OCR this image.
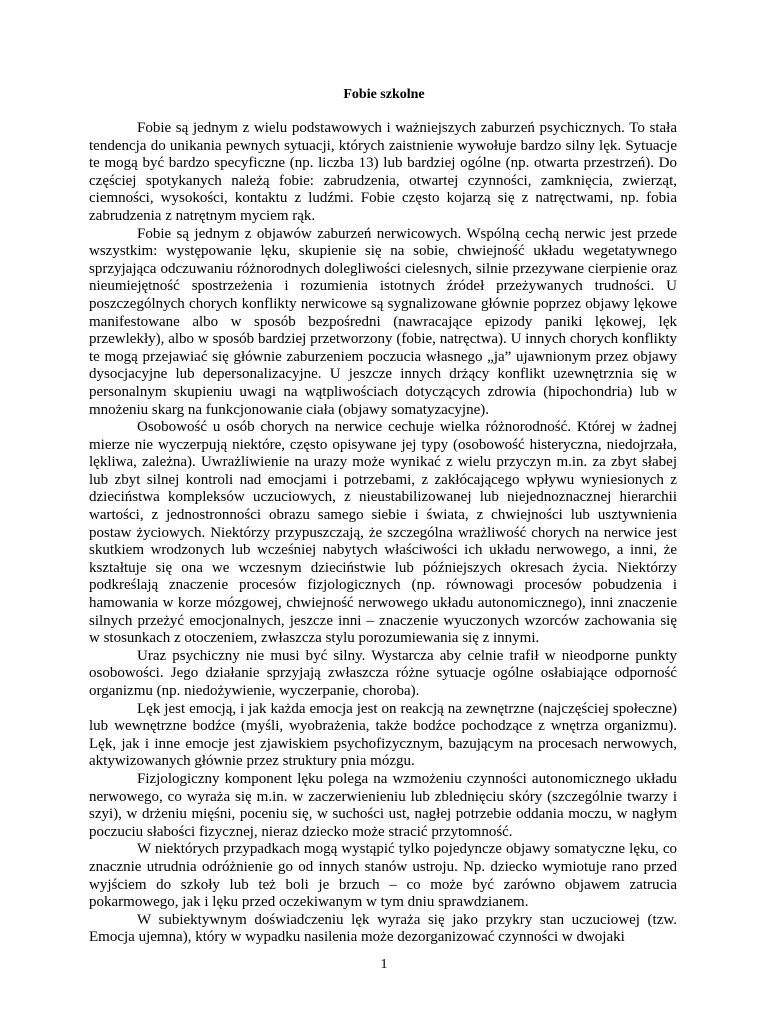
Fobie szkolne

Fobie są jednym z wielu podstawowych i ważniejszych zaburzeń psychicznych. To stała tendencja do unikania pewnych sytuacji, których zaistnienie wywołuje bardzo silny lęk. Sytuacje te mogą być bardzo specyficzne (np. liczba 13) lub bardziej ogólne (np. otwarta przestrzeń). Do częściej spotykanych należą fobie: zabrudzenia, otwartej czynności, zamknięcia, zwierząt, ciemności, wysokości, kontaktu z ludźmi. Fobie często kojarzą się z natręctwami, np. fobia zabrudzenia z natrętnym myciem rąk.

Fobie są jednym z objawów zaburzeń nerwicowych. Wspólną cechą nerwic jest przede wszystkim: występowanie lęku, skupienie się na sobie, chwiejność układu wegetatywnego sprzyjająca odczuwaniu różnorodnych dolegliwości cielesnych, silnie przezywane cierpienie oraz nieumiejętność spostrzeżenia i rozumienia istotnych źródeł przeżywanych trudności. U poszczególnych chorych konflikty nerwicowe są sygnalizowane głównie poprzez objawy lękowe manifestowane albo w sposób bezpośredni (nawracające epizody paniki lękowej, lęk przewlekły), albo w sposób bardziej przetworzony (fobie, natręctwa). U innych chorych konflikty te mogą przejawiać się głównie zaburzeniem poczucia własnego „ja” ujawnionym przez objawy dysocjacyjne lub depersonalizacyjne. U jeszcze innych drżący konflikt uzewnętrznia się w personalnym skupieniu uwagi na wątpliwościach dotyczących zdrowia (hipochondria) lub w mnożeniu skarg na funkcjonowanie ciała (objawy somatyzacyjne).

Osobowość u osób chorych na nerwice cechuje wielka różnorodność. Której w żadnej mierze nie wyczerpują niektóre, często opisywane jej typy (osobowość histeryczna, niedojrzała, lękliwa, zależna). Uwrażliwienie na urazy może wynikać z wielu przyczyn m.in. za zbyt słabej lub zbyt silnej kontroli nad emocjami i potrzebami, z zakłócającego wpływu wyniesionych z dzieciństwa kompleksów uczuciowych, z nieustabilizowanej lub niejednoznacznej hierarchii wartości, z jednostronności obrazu samego siebie i świata, z chwiejności lub usztywnienia postaw życiowych. Niektórzy przypuszczają, że szczególna wrażliwość chorych na nerwice jest skutkiem wrodzonych lub wcześniej nabytych właściwości ich układu nerwowego, a inni, że kształtuje się ona we wczesnym dzieciństwie lub późniejszych okresach życia. Niektórzy podkreślają znaczenie procesów fizjologicznych (np. równowagi procesów pobudzenia i hamowania w korze mózgowej, chwiejność nerwowego układu autonomicznego), inni znaczenie silnych przeżyć emocjonalnych, jeszcze inni – znaczenie wyuczonych wzorców zachowania się w stosunkach z otoczeniem, zwłaszcza stylu porozumiewania się z innymi.

Uraz psychiczny nie musi być silny. Wystarcza aby celnie trafił w nieodporne punkty osobowości. Jego działanie sprzyjają zwłaszcza różne sytuacje ogólne osłabiające odporność organizmu (np. niedożywienie, wyczerpanie, choroba).

Lęk jest emocją, i jak każda emocja jest on reakcją na zewnętrzne (najczęściej społeczne) lub wewnętrzne bodźce (myśli, wyobrażenia, także bodźce pochodzące z wnętrza organizmu). Lęk, jak i inne emocje jest zjawiskiem psychofizycznym, bazującym na procesach nerwowych, aktywizowanych głównie przez struktury pnia mózgu.

Fizjologiczny komponent lęku polega na wzmożeniu czynności autonomicznego układu nerwowego, co wyraża się m.in. w zaczerwienieniu lub zblednięciu skóry (szczególnie twarzy i szyi), w drżeniu mięśni, poceniu się, w suchości ust, nagłej potrzebie oddania moczu, w nagłym poczuciu słabości fizycznej, nieraz dziecko może stracić przytomność.

W niektórych przypadkach mogą wystąpić tylko pojedyncze objawy somatyczne lęku, co znacznie utrudnia odróżnienie go od innych stanów ustroju. Np. dziecko wymiotuje rano przed wyjściem do szkoły lub też boli je brzuch – co może być zarówno objawem zatrucia pokarmowego, jak i lęku przed oczekiwanym w tym dniu sprawdzianem.

W subiektywnym doświadczeniu lęk wyraża się jako przykry stan uczuciowej (tzw. Emocja ujemna), który w wypadku nasilenia może dezorganizować czynności w dwojaki

1
